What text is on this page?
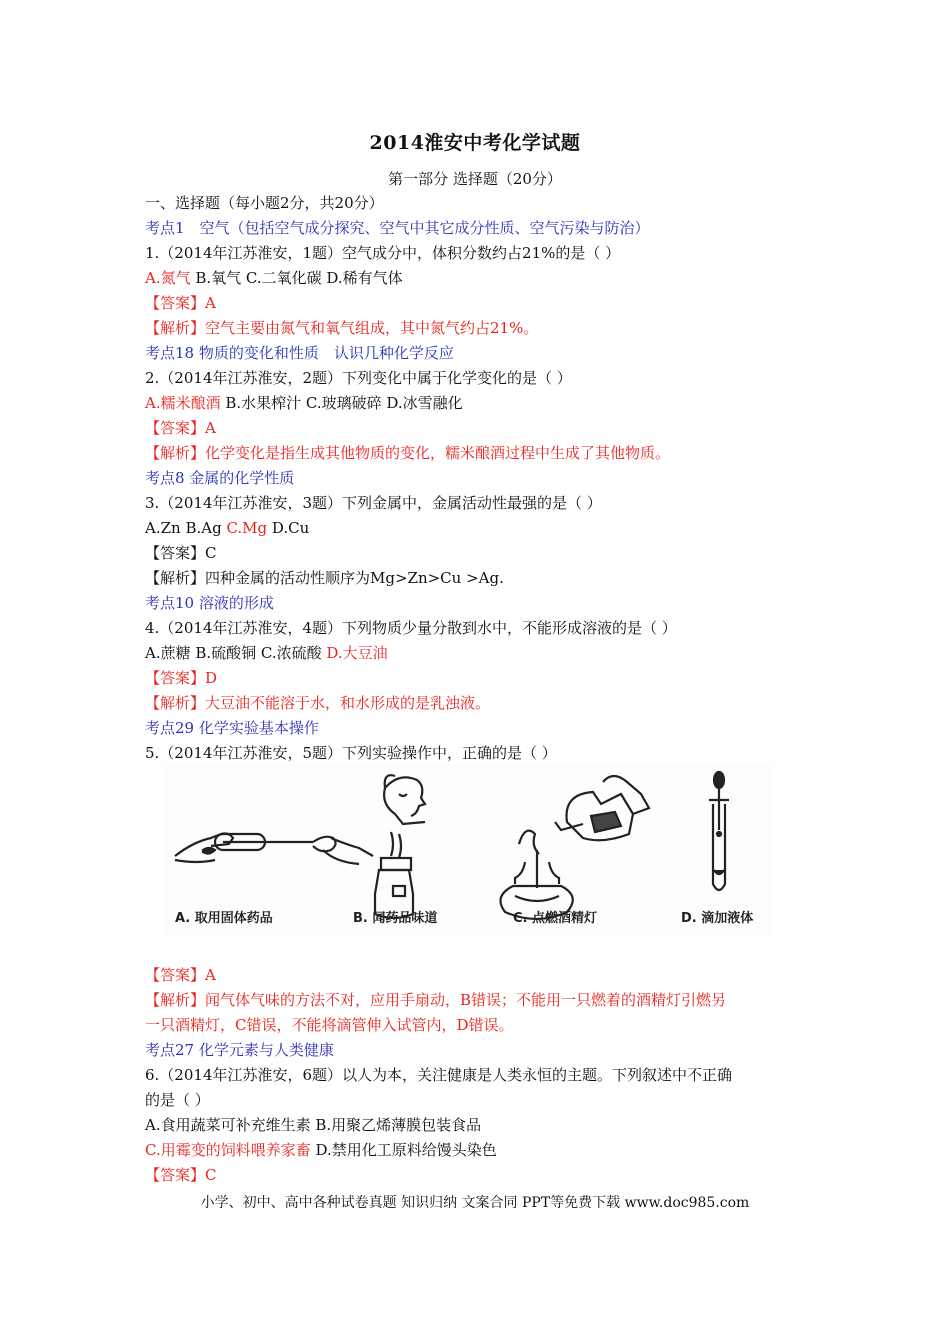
2014淮安中考化学试题
第一部分 选择题（20分）
一、选择题（每小题2分，共20分）
考点1　空气（包括空气成分探究、空气中其它成分性质、空气污染与防治）
1.（2014年江苏淮安，1题）空气成分中，体积分数约占21%的是（ ）
A.氮气 B.氧气 C.二氧化碳 D.稀有气体
【答案】A
【解析】空气主要由氮气和氧气组成，其中氮气约占21%。
考点18 物质的变化和性质　认识几种化学反应
2.（2014年江苏淮安，2题）下列变化中属于化学变化的是（ ）
A.糯米酿酒 B.水果榨汁 C.玻璃破碎 D.冰雪融化
【答案】A
【解析】化学变化是指生成其他物质的变化，糯米酿酒过程中生成了其他物质。
考点8 金属的化学性质
3.（2014年江苏淮安，3题）下列金属中，金属活动性最强的是（ ）
A.Zn B.Ag C.Mg D.Cu
【答案】C
【解析】四种金属的活动性顺序为Mg>Zn>Cu >Ag.
考点10 溶液的形成
4.（2014年江苏淮安，4题）下列物质少量分散到水中，不能形成溶液的是（ ）
A.蔗糖 B.硫酸铜 C.浓硫酸 D.大豆油
【答案】D
【解析】大豆油不能溶于水，和水形成的是乳浊液。
考点29 化学实验基本操作
5.（2014年江苏淮安，5题）下列实验操作中，正确的是（ ）
A. 取用固体药品	B. 闻药品味道	C. 点燃酒精灯	D. 滴加液体
【答案】A
【解析】闻气体气味的方法不对，应用手扇动，B错误；不能用一只燃着的酒精灯引燃另
一只酒精灯，C错误，不能将滴管伸入试管内，D错误。
考点27 化学元素与人类健康
6.（2014年江苏淮安，6题）以人为本，关注健康是人类永恒的主题。下列叙述中不正确
的是（ ）
A.食用蔬菜可补充维生素 B.用聚乙烯薄膜包装食品
C.用霉变的饲料喂养家畜 D.禁用化工原料给馒头染色
【答案】C
小学、初中、高中各种试卷真题 知识归纳 文案合同 PPT等免费下载 www.doc985.com
